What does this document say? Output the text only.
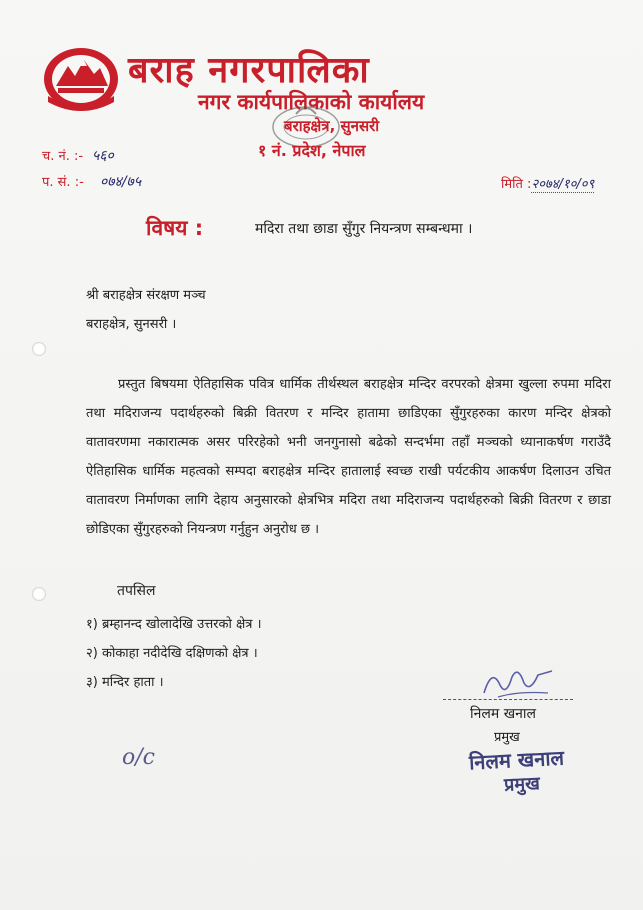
बराह नगरपालिका
नगर कार्यपालिकाको कार्यालय
बराहक्षेत्र, सुनसरी
१ नं. प्रदेश, नेपाल
च. नं. :- ५६०
प. सं. :- ०७४/७५	मिति :२०७४/१०/०९
विषय :	मदिरा तथा छाडा सुँगुर नियन्त्रण सम्बन्धमा ।
श्री बराहक्षेत्र संरक्षण मञ्च
बराहक्षेत्र, सुनसरी ।
प्रस्तुत बिषयमा ऐतिहासिक पवित्र धार्मिक तीर्थस्थल बराहक्षेत्र मन्दिर वरपरको क्षेत्रमा खुल्ला रुपमा मदिरा तथा मदिराजन्य पदार्थहरुको बिक्री वितरण र मन्दिर हातामा छाडिएका सुँगुरहरुका कारण मन्दिर क्षेत्रको वातावरणमा नकारात्मक असर परिरहेको भनी जनगुनासो बढेको सन्दर्भमा तहाँ मञ्चको ध्यानाकर्षण गराउँदै ऐतिहासिक धार्मिक महत्वको सम्पदा बराहक्षेत्र मन्दिर हातालाई स्वच्छ राखी पर्यटकीय आकर्षण दिलाउन उचित वातावरण निर्माणका लागि देहाय अनुसारको क्षेत्रभित्र मदिरा तथा मदिराजन्य पदार्थहरुको बिक्री वितरण र छाडा छोडिएका सुँगुरहरुको नियन्त्रण गर्नुहुन अनुरोध छ ।
तपसिल
१) ब्रम्हानन्द खोलादेखि उत्तरको क्षेत्र ।
२) कोकाहा नदीदेखि दक्षिणको क्षेत्र ।
३) मन्दिर हाता ।
o/c
निलम खनाल
प्रमुख
निलम खनाल
प्रमुख
